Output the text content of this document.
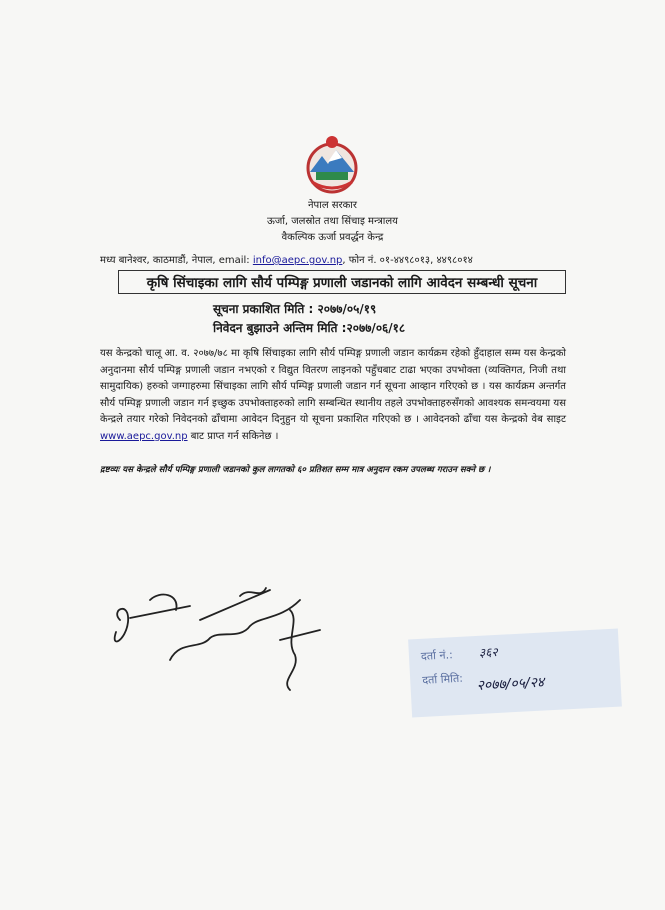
नेपाल सरकार
ऊर्जा, जलस्रोत तथा सिंचाइ मन्त्रालय
वैकल्पिक ऊर्जा प्रवर्द्धन केन्द्र
मध्य बानेश्वर, काठमाडौं, नेपाल, email: info@aepc.gov.np, फोन नं. ०१-४४९८०१३, ४४९८०१४
कृषि सिंचाइका लागि सौर्य पम्पिङ्ग प्रणाली जडानको लागि आवेदन सम्बन्धी सूचना
सूचना प्रकाशित मिति : २०७७/०५/१९
निवेदन बुझाउने अन्तिम मिति :२०७७/०६/१८
यस केन्द्रको चालू आ. व. २०७७/७८ मा कृषि सिंचाइका लागि सौर्य पम्पिङ्ग प्रणाली जडान कार्यक्रम रहेको हुँदाहाल सम्म यस केन्द्रको अनुदानमा सौर्य पम्पिङ्ग प्रणाली जडान नभएको र विद्युत वितरण लाइनको पहुँचबाट टाढा भएका उपभोक्ता (व्यक्तिगत, निजी तथा सामुदायिक) हरुको जग्गाहरुमा सिंचाइका लागि सौर्य पम्पिङ्ग प्रणाली जडान गर्न सूचना आव्हान गरिएको छ । यस कार्यक्रम अन्तर्गत सौर्य पम्पिङ्ग प्रणाली जडान गर्न इच्छुक उपभोक्ताहरुको लागि सम्बन्धित स्थानीय तहले उपभोक्ताहरुसँगको आवश्यक समन्वयमा यस केन्द्रले तयार गरेको निवेदनको ढाँचामा आवेदन दिनुहुन यो सूचना प्रकाशित गरिएको छ । आवेदनको ढाँचा यस केन्द्रको वेब साइट www.aepc.gov.np बाट प्राप्त गर्न सकिनेछ ।
द्रष्टव्यः यस केन्द्रले सौर्य पम्पिङ्ग प्रणाली जडानको कुल लागतको ६० प्रतिशत सम्म मात्र अनुदान रकम उपलब्ध गराउन सक्ने छ ।
दर्ता नं.: ३६२
दर्ता मिति: २०७७/०५/२४
